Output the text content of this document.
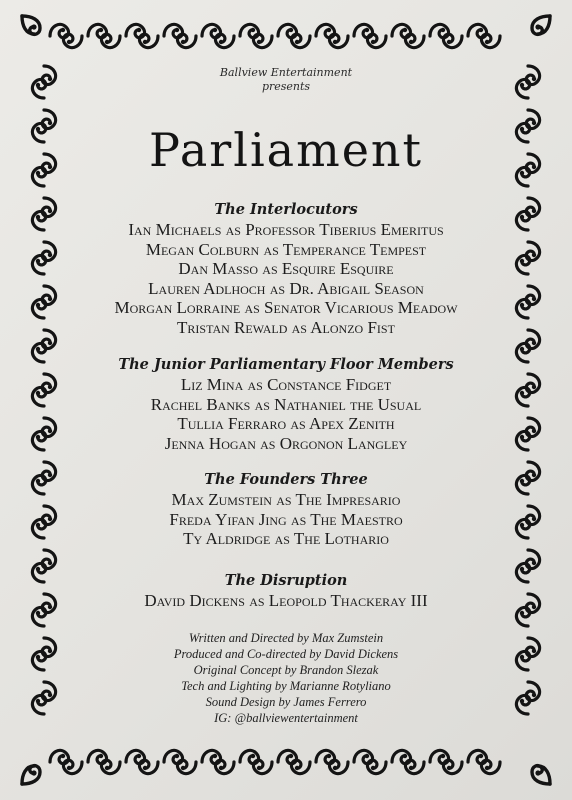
Ballview Entertainment
presents
Parliament
The Interlocutors
Ian Michaels as Professor Tiberius Emeritus
Megan Colburn as Temperance Tempest
Dan Masso as Esquire Esquire
Lauren Adlhoch as Dr. Abigail Season
Morgan Lorraine as Senator Vicarious Meadow
Tristan Rewald as Alonzo Fist
The Junior Parliamentary Floor Members
Liz Mina as Constance Fidget
Rachel Banks as Nathaniel the Usual
Tullia Ferraro as Apex Zenith
Jenna Hogan as Orgonon Langley
The Founders Three
Max Zumstein as The Impresario
Freda Yifan Jing as The Maestro
Ty Aldridge as The Lothario
The Disruption
David Dickens as Leopold Thackeray III
Written and Directed by Max Zumstein
Produced and Co-directed by David Dickens
Original Concept by Brandon Slezak
Tech and Lighting by Marianne Rotyliano
Sound Design by James Ferrero
IG: @ballviewentertainment
